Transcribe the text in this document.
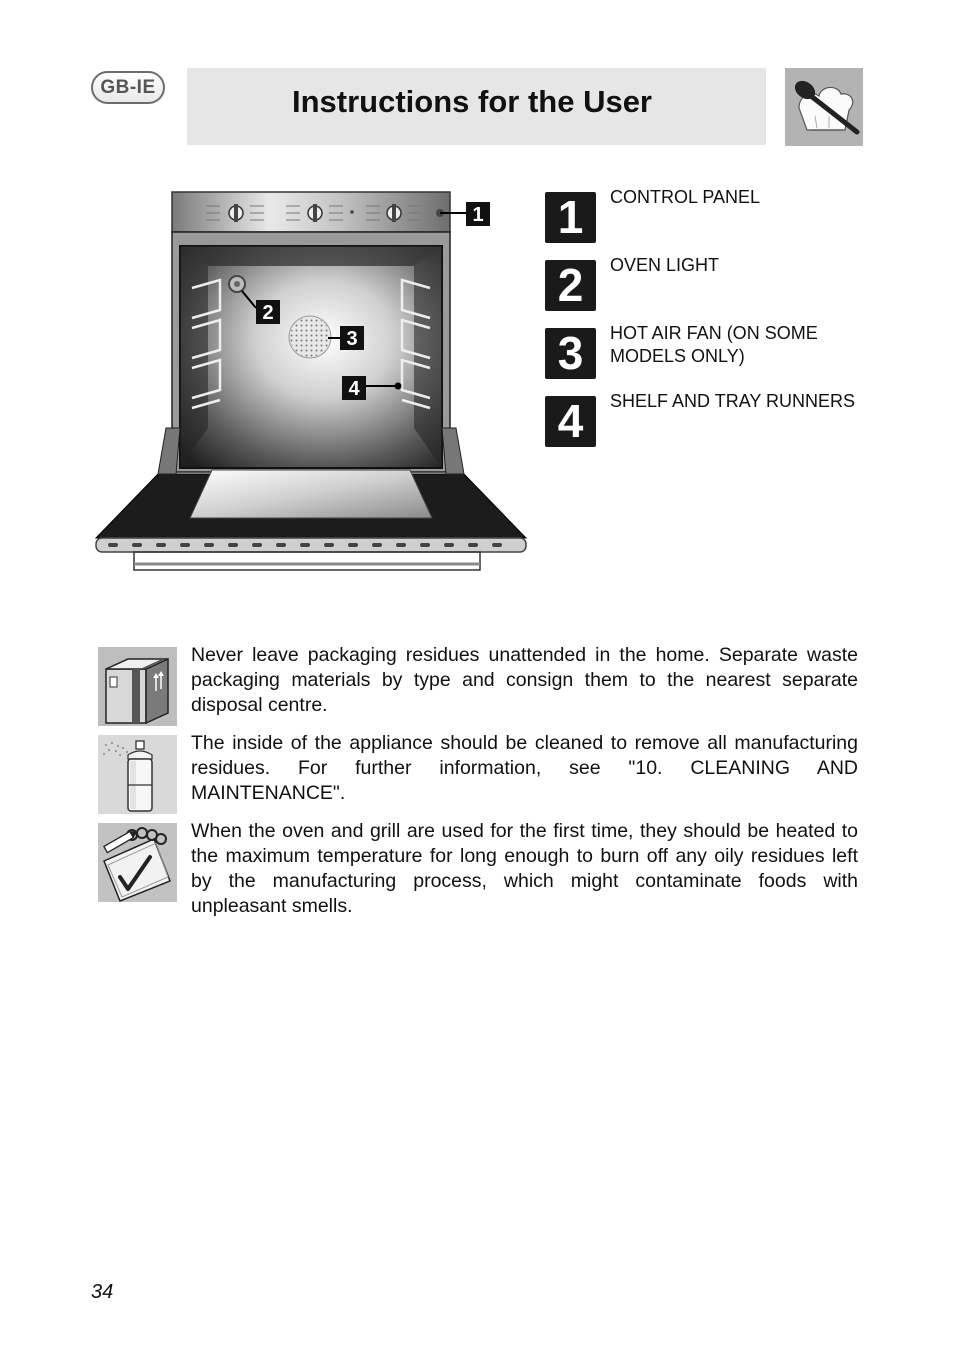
GB-IE	Instructions for the User
1
2
3
4
1	CONTROL PANEL
2	OVEN LIGHT
3	HOT AIR FAN (ON SOME MODELS ONLY)
4	SHELF AND TRAY RUNNERS
Never leave packaging residues unattended in the home. Separate waste packaging materials by type and consign them to the nearest separate disposal centre.
The inside of the appliance should be cleaned to remove all manufacturing residues. For further information, see "10. CLEANING AND MAINTENANCE".
When the oven and grill are used for the first time, they should be heated to the maximum temperature for long enough to burn off any oily residues left by the manufacturing process, which might contaminate foods with unpleasant smells.
34
